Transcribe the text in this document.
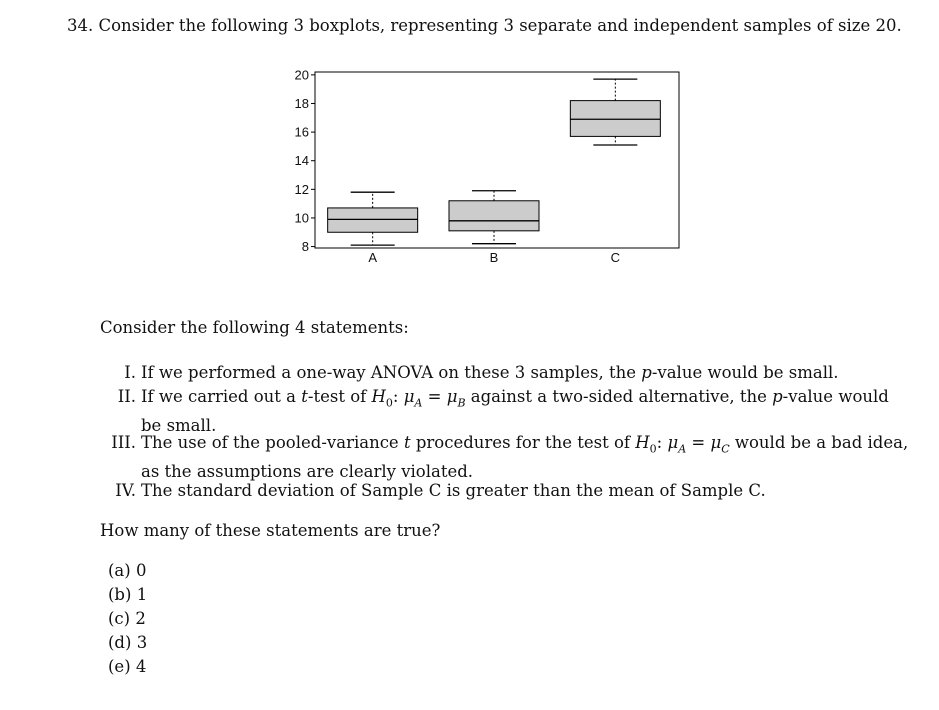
34. Consider the following 3 boxplots, representing 3 separate and independent samples of size 20.
8
10
12
14
16
18
20
A	B	C
Consider the following 4 statements:
I. If we performed a one-way ANOVA on these 3 samples, the p-value would be small.
II. If we carried out a t-test of $H_0$: $\mu_A = \mu_B$ against a two-sided alternative, the p-value would
be small.
III. The use of the pooled-variance t procedures for the test of $H_0$: $\mu_A = \mu_C$ would be a bad idea,
as the assumptions are clearly violated.
IV. The standard deviation of Sample C is greater than the mean of Sample C.
How many of these statements are true?
(a) 0
(b) 1
(c) 2
(d) 3
(e) 4
